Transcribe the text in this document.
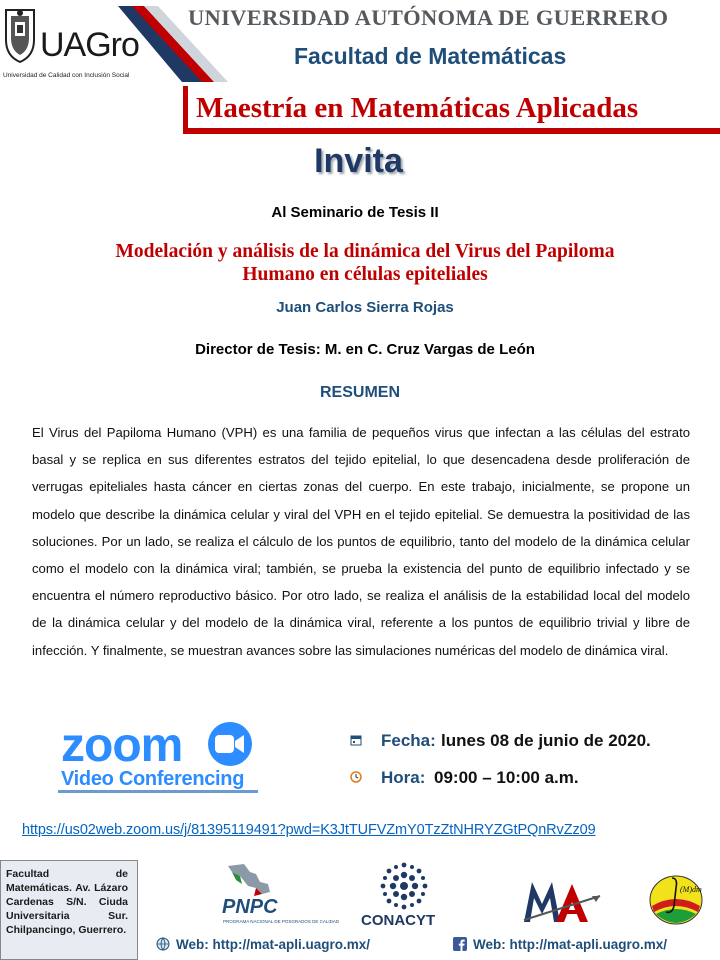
UAGro
Universidad de Calidad con Inclusión Social
UNIVERSIDAD AUTÓNOMA DE GUERRERO
Facultad de Matemáticas
Maestría en Matemáticas Aplicadas
Invita
Al Seminario de Tesis II
Modelación y análisis de la dinámica del Virus del Papiloma
Humano en células epiteliales
Juan Carlos Sierra Rojas
Director de Tesis: M. en C. Cruz Vargas de León
RESUMEN
El Virus del Papiloma Humano (VPH) es una familia de pequeños virus que infectan a las células del estrato basal y se replica en sus diferentes estratos del tejido epitelial, lo que desencadena desde proliferación de verrugas epiteliales hasta cáncer en ciertas zonas del cuerpo. En este trabajo, inicialmente, se propone un modelo que describe la dinámica celular y viral del VPH en el tejido epitelial. Se demuestra la positividad de las soluciones. Por un lado, se realiza el cálculo de los puntos de equilibrio, tanto del modelo de la dinámica celular como el modelo con la dinámica viral; también, se prueba la existencia del punto de equilibrio infectado y se encuentra el número reproductivo básico. Por otro lado, se realiza el análisis de la estabilidad local del modelo de la dinámica celular y del modelo de la dinámica viral, referente a los puntos de equilibrio trivial y libre de infección. Y finalmente, se muestran avances sobre las simulaciones numéricas del modelo de dinámica viral.
zoom
Video Conferencing
Fecha: lunes 08 de junio de 2020.
Hora: 09:00 – 10:00 a.m.
https://us02web.zoom.us/j/81395119491?pwd=K3JtTUFVZmY0TzZtNHRYZGtPQnRvZz09
Facultad de Matemáticas. Av. Lázaro Cardenas S/N. Ciuda Universitaria Sur. Chilpancingo, Guerrero.
PNPC
PROGRAMA NACIONAL DE POSGRADOS DE CALIDAD CONACYT
(M)dm
Web: http://mat-apli.uagro.mx/	Web: http://mat-apli.uagro.mx/
